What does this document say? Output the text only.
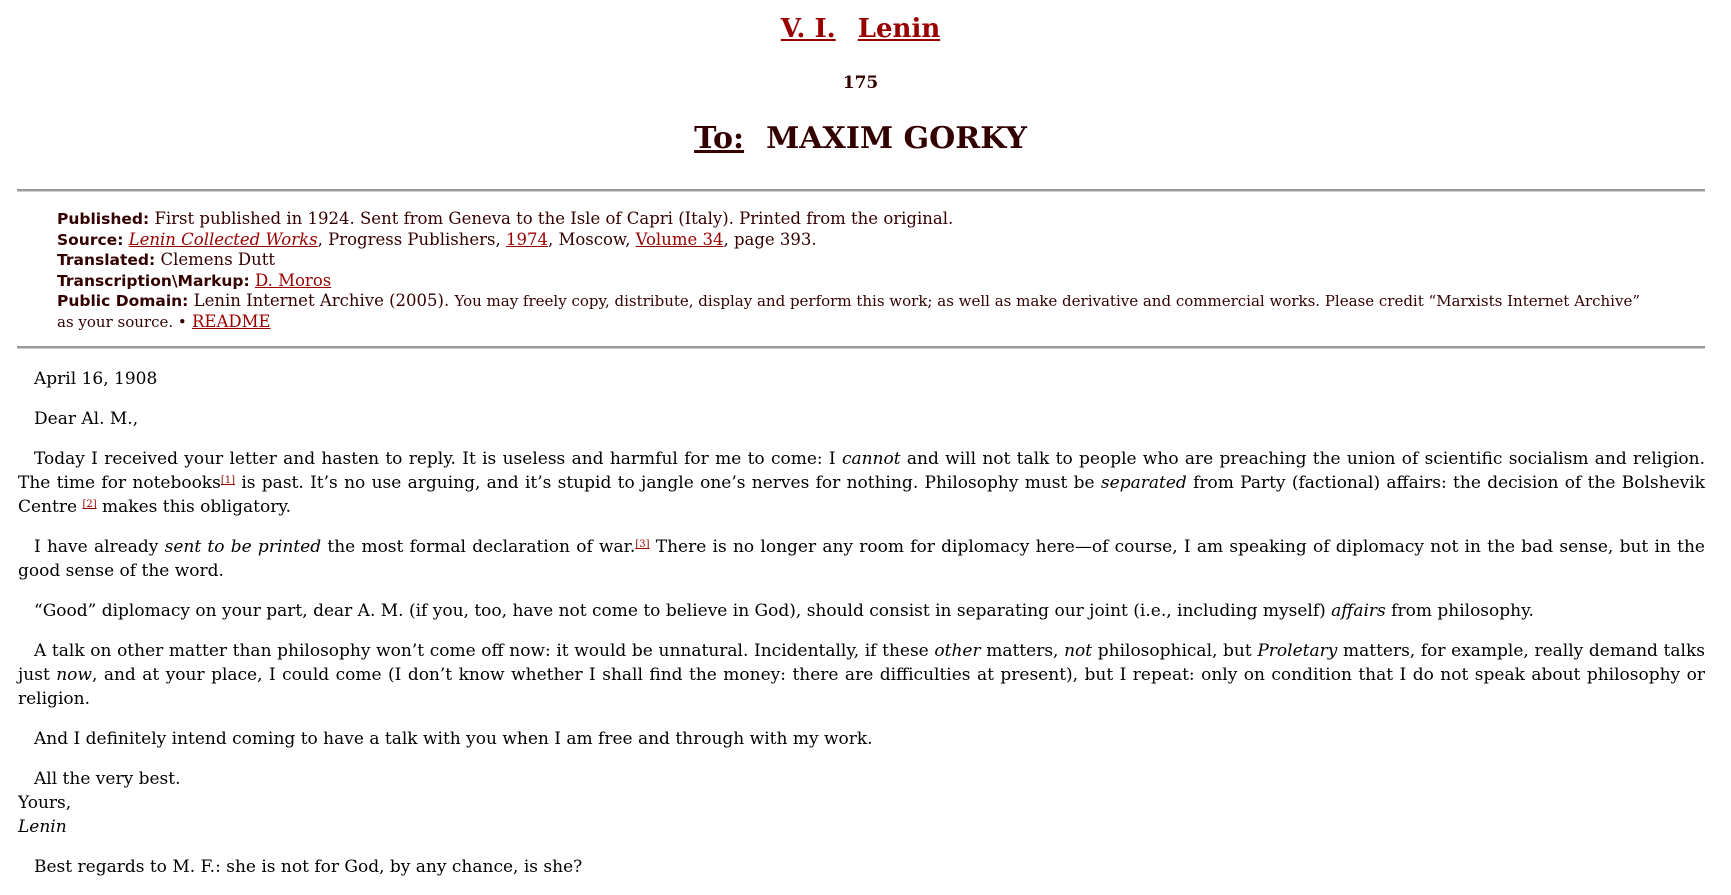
V. I. Lenin
175
To: MAXIM GORKY
Published: First published in 1924. Sent from Geneva to the Isle of Capri (Italy). Printed from the original.
Source: Lenin Collected Works, Progress Publishers, 1974, Moscow, Volume 34, page 393.
Translated: Clemens Dutt
Transcription\Markup: D. Moros
Public Domain: Lenin Internet Archive (2005). You may freely copy, distribute, display and perform this work; as well as make derivative and commercial works. Please credit “Marxists Internet Archive” as your source. • README

April 16, 1908

Dear Al. M.,

Today I received your letter and hasten to reply. It is useless and harmful for me to come: I cannot and will not talk to people who are preaching the union of scientific socialism and religion. The time for notebooks[1] is past. It’s no use arguing, and it’s stupid to jangle one’s nerves for nothing. Philosophy must be separated from Party (factional) affairs: the decision of the Bolshevik Centre [2] makes this obligatory.

I have already sent to be printed the most formal declaration of war.[3] There is no longer any room for diplomacy here—of course, I am speaking of diplomacy not in the bad sense, but in the good sense of the word.

“Good” diplomacy on your part, dear A. M. (if you, too, have not come to believe in God), should consist in separating our joint (i.e., including myself) affairs from philosophy.

A talk on other matter than philosophy won’t come off now: it would be unnatural. Incidentally, if these other matters, not philosophical, but Proletary matters, for example, really demand talks just now, and at your place, I could come (I don’t know whether I shall find the money: there are difficulties at present), but I repeat: only on condition that I do not speak about philosophy or religion.

And I definitely intend coming to have a talk with you when I am free and through with my work.

All the very best.
Yours,
Lenin

Best regards to M. F.: she is not for God, by any chance, is she?
